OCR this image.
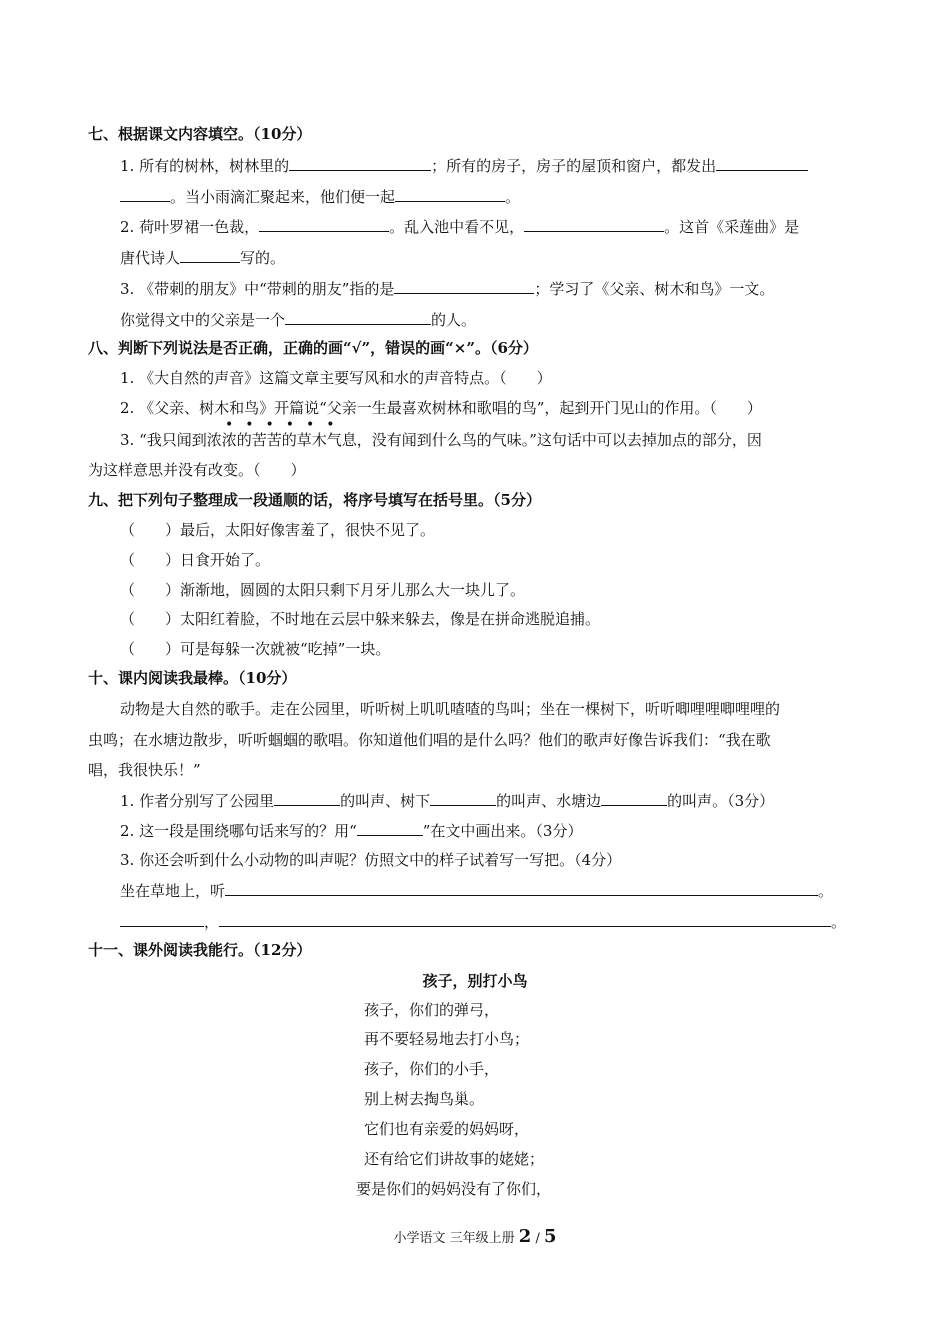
七、根据课文内容填空。（10分）
1. 所有的树林，树林里的	；所有的房子，房子的屋顶和窗户，都发出
。当小雨滴汇聚起来，他们便一起	。
2. 荷叶罗裙一色裁，	。乱入池中看不见，	。这首《采莲曲》是
唐代诗人	写的。
3. 《带刺的朋友》中“带刺的朋友”指的是	；学习了《父亲、树木和鸟》一文。
你觉得文中的父亲是一个	的人。
八、判断下列说法是否正确，正确的画“√”，错误的画“×”。（6分）
1. 《大自然的声音》这篇文章主要写风和水的声音特点。（　　）
2. 《父亲、树木和鸟》开篇说“父亲一生最喜欢树林和歌唱的鸟”，起到开门见山的作用。（　　）
••••••
3. “我只闻到浓浓的苦苦的草木气息，没有闻到什么鸟的气味。”这句话中可以去掉加点的部分，因
为这样意思并没有改变。（　　）
九、把下列句子整理成一段通顺的话，将序号填写在括号里。（5分）
（　　）最后，太阳好像害羞了，很快不见了。
（　　）日食开始了。
（　　）渐渐地，圆圆的太阳只剩下月牙儿那么大一块儿了。
（　　）太阳红着脸，不时地在云层中躲来躲去，像是在拼命逃脱追捕。
（　　）可是每躲一次就被“吃掉”一块。
十、课内阅读我最棒。（10分）
动物是大自然的歌手。走在公园里，听听树上叽叽喳喳的鸟叫；坐在一棵树下，听听唧哩哩唧哩哩的
虫鸣；在水塘边散步，听听蝈蝈的歌唱。你知道他们唱的是什么吗？他们的歌声好像告诉我们：“我在歌
唱，我很快乐！”
1. 作者分别写了公园里	的叫声、树下	的叫声、水塘边	的叫声。（3分）
2. 这一段是围绕哪句话来写的？用“	”在文中画出来。（3分）
3. 你还会听到什么小动物的叫声呢？仿照文中的样子试着写一写把。（4分）
坐在草地上，听	。
，	。
十一、课外阅读我能行。（12分）
孩子，别打小鸟
孩子，你们的弹弓，
再不要轻易地去打小鸟；
孩子，你们的小手，
别上树去掏鸟巢。
它们也有亲爱的妈妈呀，
还有给它们讲故事的姥姥；
要是你们的妈妈没有了你们，
小学语文 三年级上册 2 / 5
